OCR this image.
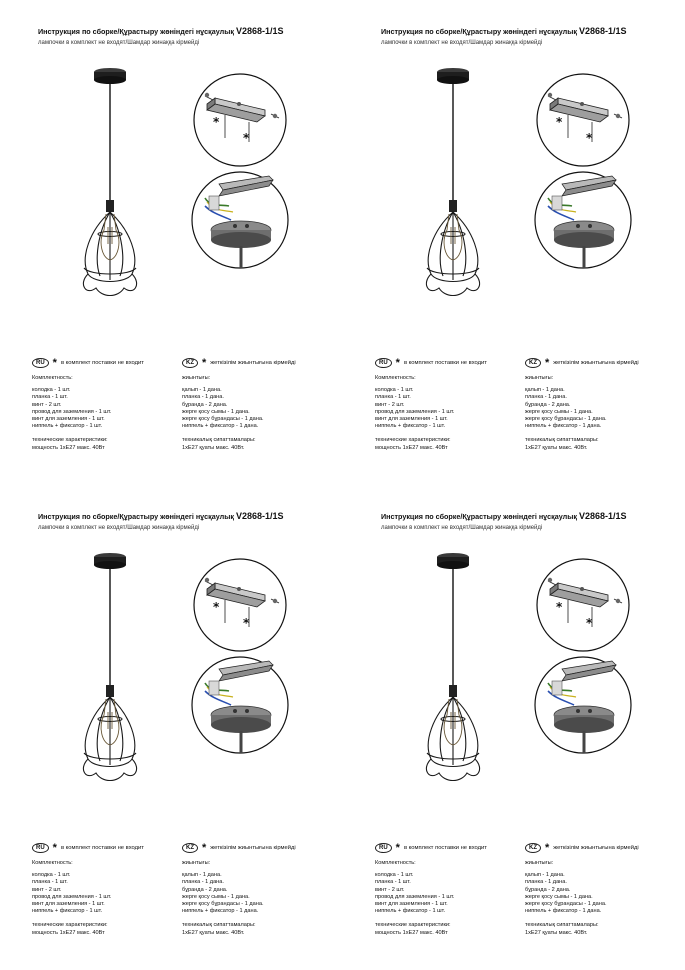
Инструкция по сборке/Құрастыру жөніндегі нұсқаулық V2868-1/1S
лампочки в комплект не входят/Шамдар жинаққа кірмейді
*
*
RU * в комплект поставки не входит	KZ * жеткізілім жиынтығына кірмейді
Комплектность:
колодка - 1 шт.
планка - 1 шт.
винт - 2 шт.
провод для заземления - 1 шт.
винт для заземления - 1 шт.
ниппель + фиксатор - 1 шт.
технические характеристики:
мощность 1хЕ27 макс. 40Вт
жиынтығы:
қалып - 1 дана.
планка - 1 дана.
бұранда - 2 дана.
жерге қосу сымы - 1 дана.
жерге қосу бұрандасы - 1 дана.
ниппель + фиксатор - 1 дана.
техникалық сипаттамалары:
1хЕ27 қуаты макс. 40Вт.
Инструкция по сборке/Құрастыру жөніндегі нұсқаулық V2868-1/1S
лампочки в комплект не входят/Шамдар жинаққа кірмейді
*
*
RU * в комплект поставки не входит	KZ * жеткізілім жиынтығына кірмейді
Комплектность:
колодка - 1 шт.
планка - 1 шт.
винт - 2 шт.
провод для заземления - 1 шт.
винт для заземления - 1 шт.
ниппель + фиксатор - 1 шт.
технические характеристики:
мощность 1хЕ27 макс. 40Вт
жиынтығы:
қалып - 1 дана.
планка - 1 дана.
бұранда - 2 дана.
жерге қосу сымы - 1 дана.
жерге қосу бұрандасы - 1 дана.
ниппель + фиксатор - 1 дана.
техникалық сипаттамалары:
1хЕ27 қуаты макс. 40Вт.
Инструкция по сборке/Құрастыру жөніндегі нұсқаулық V2868-1/1S
лампочки в комплект не входят/Шамдар жинаққа кірмейді
*
*
RU * в комплект поставки не входит	KZ * жеткізілім жиынтығына кірмейді
Комплектность:
колодка - 1 шт.
планка - 1 шт.
винт - 2 шт.
провод для заземления - 1 шт.
винт для заземления - 1 шт.
ниппель + фиксатор - 1 шт.
технические характеристики:
мощность 1хЕ27 макс. 40Вт
жиынтығы:
қалып - 1 дана.
планка - 1 дана.
бұранда - 2 дана.
жерге қосу сымы - 1 дана.
жерге қосу бұрандасы - 1 дана.
ниппель + фиксатор - 1 дана.
техникалық сипаттамалары:
1хЕ27 қуаты макс. 40Вт.
Инструкция по сборке/Құрастыру жөніндегі нұсқаулық V2868-1/1S
лампочки в комплект не входят/Шамдар жинаққа кірмейді
*
*
RU * в комплект поставки не входит	KZ * жеткізілім жиынтығына кірмейді
Комплектность:
колодка - 1 шт.
планка - 1 шт.
винт - 2 шт.
провод для заземления - 1 шт.
винт для заземления - 1 шт.
ниппель + фиксатор - 1 шт.
технические характеристики:
мощность 1хЕ27 макс. 40Вт
жиынтығы:
қалып - 1 дана.
планка - 1 дана.
бұранда - 2 дана.
жерге қосу сымы - 1 дана.
жерге қосу бұрандасы - 1 дана.
ниппель + фиксатор - 1 дана.
техникалық сипаттамалары:
1хЕ27 қуаты макс. 40Вт.
